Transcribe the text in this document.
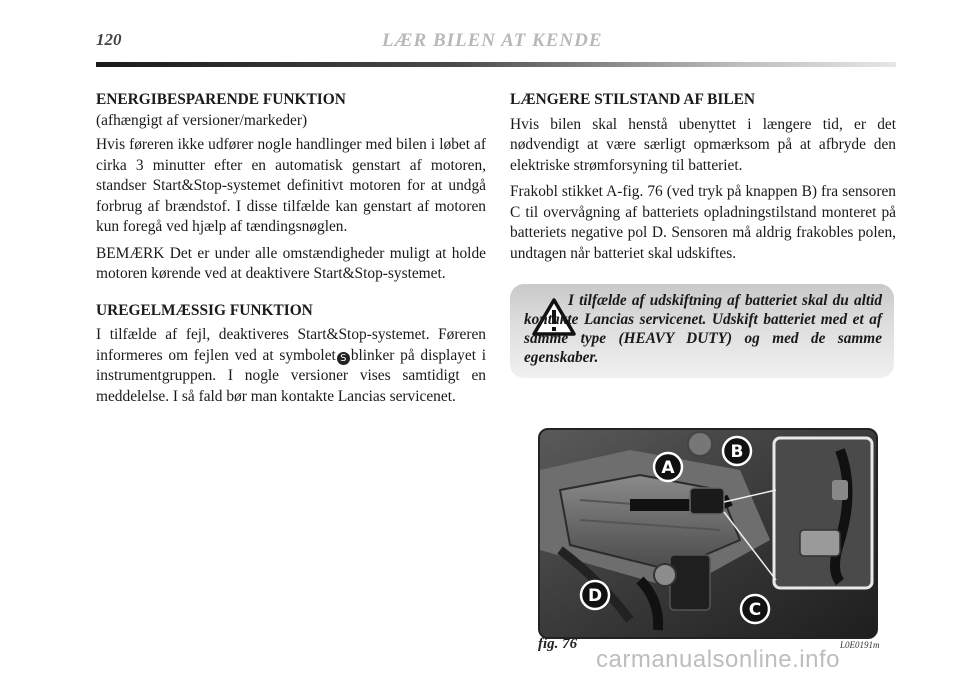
120	LÆR BILEN AT KENDE
ENERGIBESPARENDE FUNKTION

(afhængigt af versioner/markeder)

Hvis føreren ikke udfører nogle handlinger med bilen i løbet af cirka 3 minutter efter en automatisk genstart af motoren, standser Start&Stop-systemet definitivt motoren for at undgå forbrug af brændstof. I disse tilfælde kan genstart af motoren kun foregå ved hjælp af tændingsnøglen.

BEMÆRK Det er under alle omstændigheder muligt at holde motoren kørende ved at deaktivere Start&Stop-systemet.

UREGELMÆSSIG FUNKTION

I tilfælde af fejl, deaktiveres Start&Stop-systemet. Føreren informeres om fejlen ved at symbolet S blinker på displayet i instrumentgruppen. I nogle versioner vises samtidigt en meddelelse. I så fald bør man kontakte Lancias servicenet.

LÆNGERE STILSTAND AF BILEN

Hvis bilen skal henstå ubenyttet i længere tid, er det nødvendigt at være særligt opmærksom på at afbryde den elektriske strømforsyning til batteriet.

Frakobl stikket A-fig. 76 (ved tryk på knappen B) fra sensoren C til overvågning af batteriets opladningstilstand monteret på batteriets negative pol D. Sensoren må aldrig frakobles polen, undtagen når batteriet skal udskiftes.

I tilfælde af udskiftning af batteriet skal du altid kontakte Lancias servicenet. Udskift batteriet med et af samme type (HEAVY DUTY) og med de samme egenskaber.
A
B
C
D
fig. 76	L0E0191m
carmanualsonline.info
